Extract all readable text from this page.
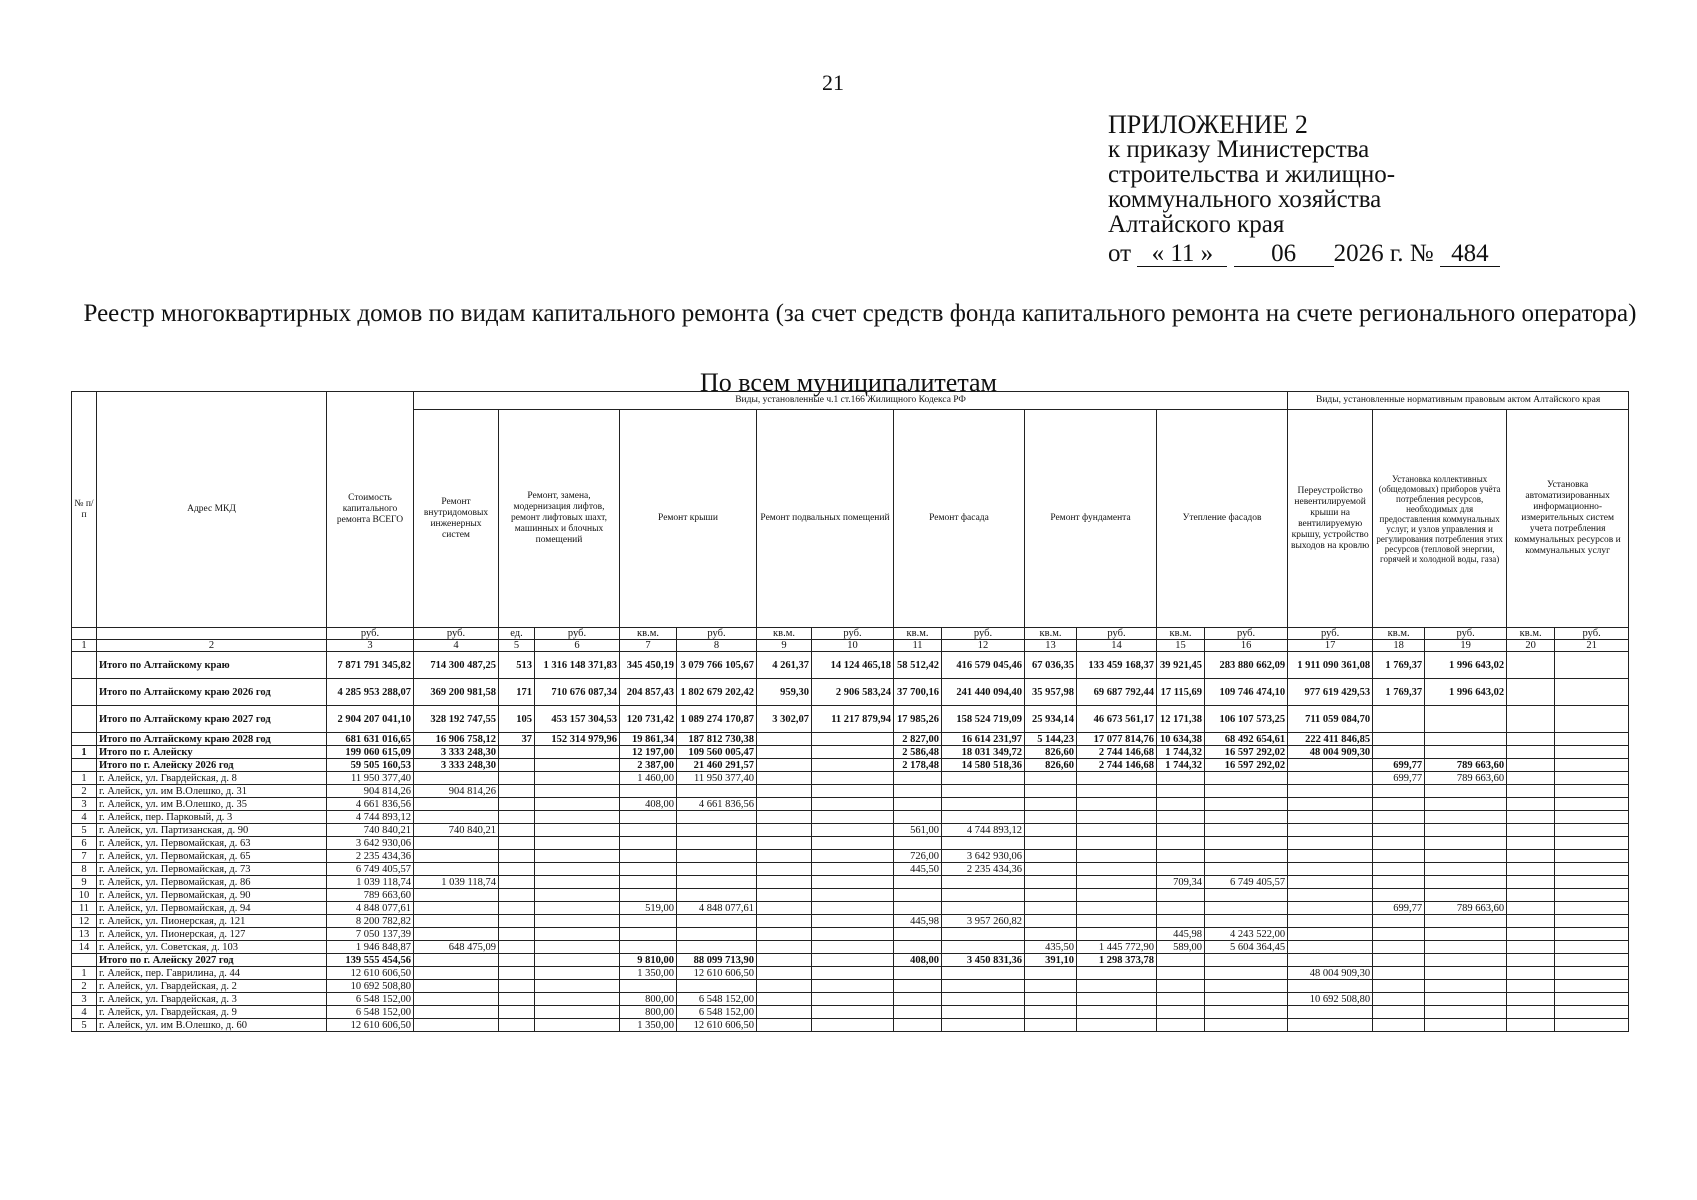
21
ПРИЛОЖЕНИЕ 2
к приказу Министерства
строительства и жилищно-
коммунального хозяйства
Алтайского края
от « 11 » 06 2026 г. № 484
Реестр многоквартирных домов по видам капитального ремонта (за счет средств фонда капитального ремонта на счете регионального оператора)
По всем муниципалитетам
№ п/п	Адрес МКД	Стоимость капитального ремонта ВСЕГО	Виды, установленные ч.1 ст.166 Жилищного Кодекса РФ													Виды, установленные нормативным правовым актом Алтайского края				
			Ремонт внутридомовых инженерных систем	Ремонт, замена, модернизация лифтов, ремонт лифтовых шахт, машинных и блочных помещений		Ремонт крыши		Ремонт подвальных помещений		Ремонт фасада		Ремонт фундамента		Утепление фасадов		Переустройство невентилируемой крыши на вентилируемую крышу, устройство выходов на кровлю	Установка коллективных (общедомовых) приборов учёта потребления ресурсов, необходимых для предоставления коммунальных услуг, и узлов управления и регулирования потребления этих ресурсов (тепловой энергии, горячей и холодной воды, газа)		Установка автоматизированных информационно-измерительных систем учета потребления коммунальных ресурсов и коммунальных услуг	
		руб.	руб.	ед.	руб.	кв.м.	руб.	кв.м.	руб.	кв.м.	руб.	кв.м.	руб.	кв.м.	руб.	руб.	кв.м.	руб.	кв.м.	руб.
1	2	3	4	5	6	7	8	9	10	11	12	13	14	15	16	17	18	19	20	21
	Итого по Алтайскому краю	7 871 791 345,82	714 300 487,25	513	1 316 148 371,83	345 450,19	3 079 766 105,67	4 261,37	14 124 465,18	58 512,42	416 579 045,46	67 036,35	133 459 168,37	39 921,45	283 880 662,09	1 911 090 361,08	1 769,37	1 996 643,02		
	Итого по Алтайскому краю 2026 год	4 285 953 288,07	369 200 981,58	171	710 676 087,34	204 857,43	1 802 679 202,42	959,30	2 906 583,24	37 700,16	241 440 094,40	35 957,98	69 687 792,44	17 115,69	109 746 474,10	977 619 429,53	1 769,37	1 996 643,02		
	Итого по Алтайскому краю 2027 год	2 904 207 041,10	328 192 747,55	105	453 157 304,53	120 731,42	1 089 274 170,87	3 302,07	11 217 879,94	17 985,26	158 524 719,09	25 934,14	46 673 561,17	12 171,38	106 107 573,25	711 059 084,70				
	Итого по Алтайскому краю 2028 год	681 631 016,65	16 906 758,12	37	152 314 979,96	19 861,34	187 812 730,38			2 827,00	16 614 231,97	5 144,23	17 077 814,76	10 634,38	68 492 654,61	222 411 846,85				
1	Итого по г. Алейску	199 060 615,09	3 333 248,30			12 197,00	109 560 005,47			2 586,48	18 031 349,72	826,60	2 744 146,68	1 744,32	16 597 292,02	48 004 909,30				
	Итого по г. Алейску 2026 год	59 505 160,53	3 333 248,30			2 387,00	21 460 291,57			2 178,48	14 580 518,36	826,60	2 744 146,68	1 744,32	16 597 292,02		699,77	789 663,60		
1	г. Алейск, ул. Гвардейская, д. 8	11 950 377,40				1 460,00	11 950 377,40										699,77	789 663,60		
2	г. Алейск, ул. им В.Олешко, д. 31	904 814,26	904 814,26																	
3	г. Алейск, ул. им В.Олешко, д. 35	4 661 836,56				408,00	4 661 836,56													
4	г. Алейск, пер. Парковый, д. 3	4 744 893,12																		
5	г. Алейск, ул. Партизанская, д. 90	740 840,21	740 840,21							561,00	4 744 893,12									
6	г. Алейск, ул. Первомайская, д. 63	3 642 930,06																		
7	г. Алейск, ул. Первомайская, д. 65	2 235 434,36								726,00	3 642 930,06									
8	г. Алейск, ул. Первомайская, д. 73	6 749 405,57								445,50	2 235 434,36									
9	г. Алейск, ул. Первомайская, д. 86	1 039 118,74	1 039 118,74											709,34	6 749 405,57					
10	г. Алейск, ул. Первомайская, д. 90	789 663,60																		
11	г. Алейск, ул. Первомайская, д. 94	4 848 077,61				519,00	4 848 077,61										699,77	789 663,60		
12	г. Алейск, ул. Пионерская, д. 121	8 200 782,82								445,98	3 957 260,82									
13	г. Алейск, ул. Пионерская, д. 127	7 050 137,39												445,98	4 243 522,00					
14	г. Алейск, ул. Советская, д. 103	1 946 848,87	648 475,09									435,50	1 445 772,90	589,00	5 604 364,45					
	Итого по г. Алейску 2027 год	139 555 454,56				9 810,00	88 099 713,90			408,00	3 450 831,36	391,10	1 298 373,78							
1	г. Алейск, пер. Гаврилина, д. 44	12 610 606,50				1 350,00	12 610 606,50									48 004 909,30				
2	г. Алейск, ул. Гвардейская, д. 2	10 692 508,80																		
3	г. Алейск, ул. Гвардейская, д. 3	6 548 152,00				800,00	6 548 152,00									10 692 508,80				
4	г. Алейск, ул. Гвардейская, д. 9	6 548 152,00				800,00	6 548 152,00													
5	г. Алейск, ул. им В.Олешко, д. 60	12 610 606,50				1 350,00	12 610 606,50													
